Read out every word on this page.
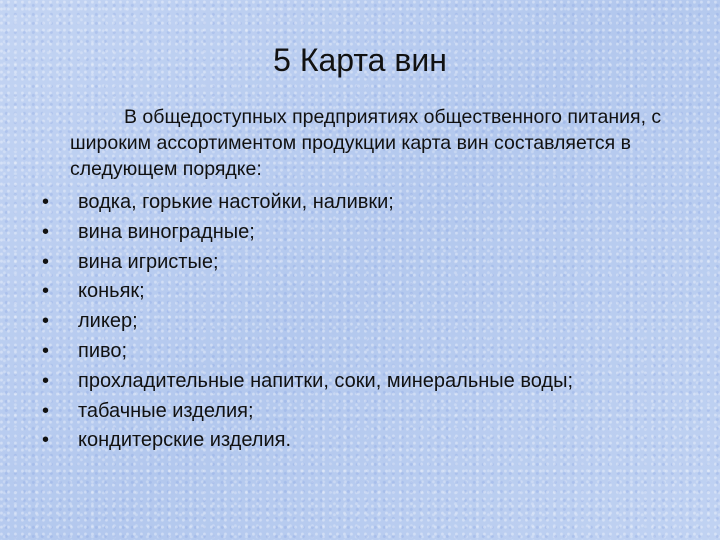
5 Карта вин
В общедоступных предприятиях общественного питания, с широким ассортиментом продукции карта вин составляется в следующем порядке:
• водка, горькие настойки, наливки;
• вина виноградные;
• вина игристые;
• коньяк;
• ликер;
• пиво;
• прохладительные напитки, соки, минеральные воды;
• табачные изделия;
• кондитерские изделия.
